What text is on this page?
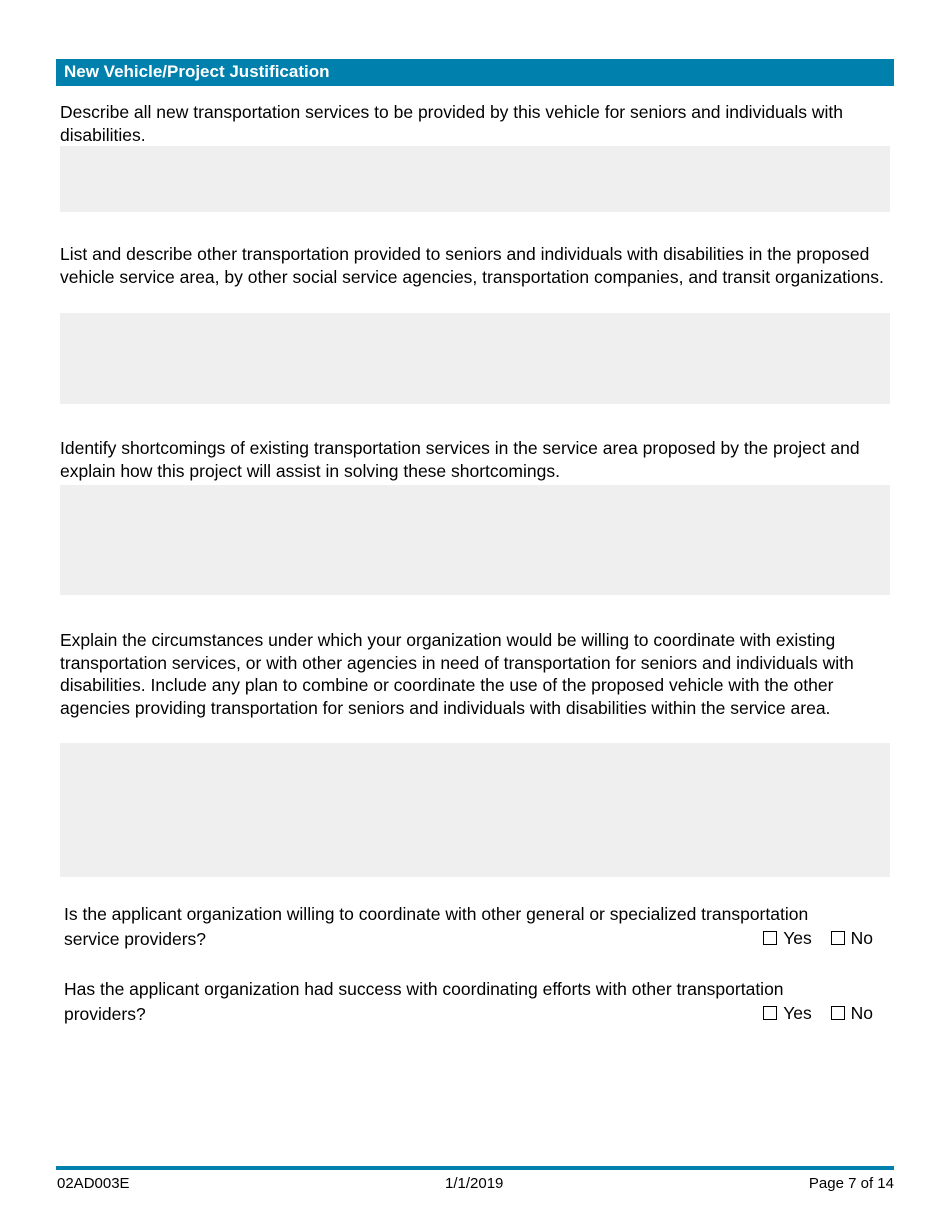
New Vehicle/Project Justification
Describe all new transportation services to be provided by this vehicle for seniors and individuals with disabilities.
List and describe other transportation provided to seniors and individuals with disabilities in the proposed vehicle service area, by other social service agencies, transportation companies, and transit organizations.
Identify shortcomings of existing transportation services in the service area proposed by the project and explain how this project will assist in solving these shortcomings.
Explain the circumstances under which your organization would be willing to coordinate with existing transportation services, or with other agencies in need of transportation for seniors and individuals with disabilities. Include any plan to combine or coordinate the use of the proposed vehicle with the other agencies providing transportation for seniors and individuals with disabilities within the service area.
Is the applicant organization willing to coordinate with other general or specialized transportation
service providers?	Yes
No
Has the applicant organization had success with coordinating efforts with other transportation
providers?	Yes
No
02AD003E	1/1/2019	Page 7 of 14
